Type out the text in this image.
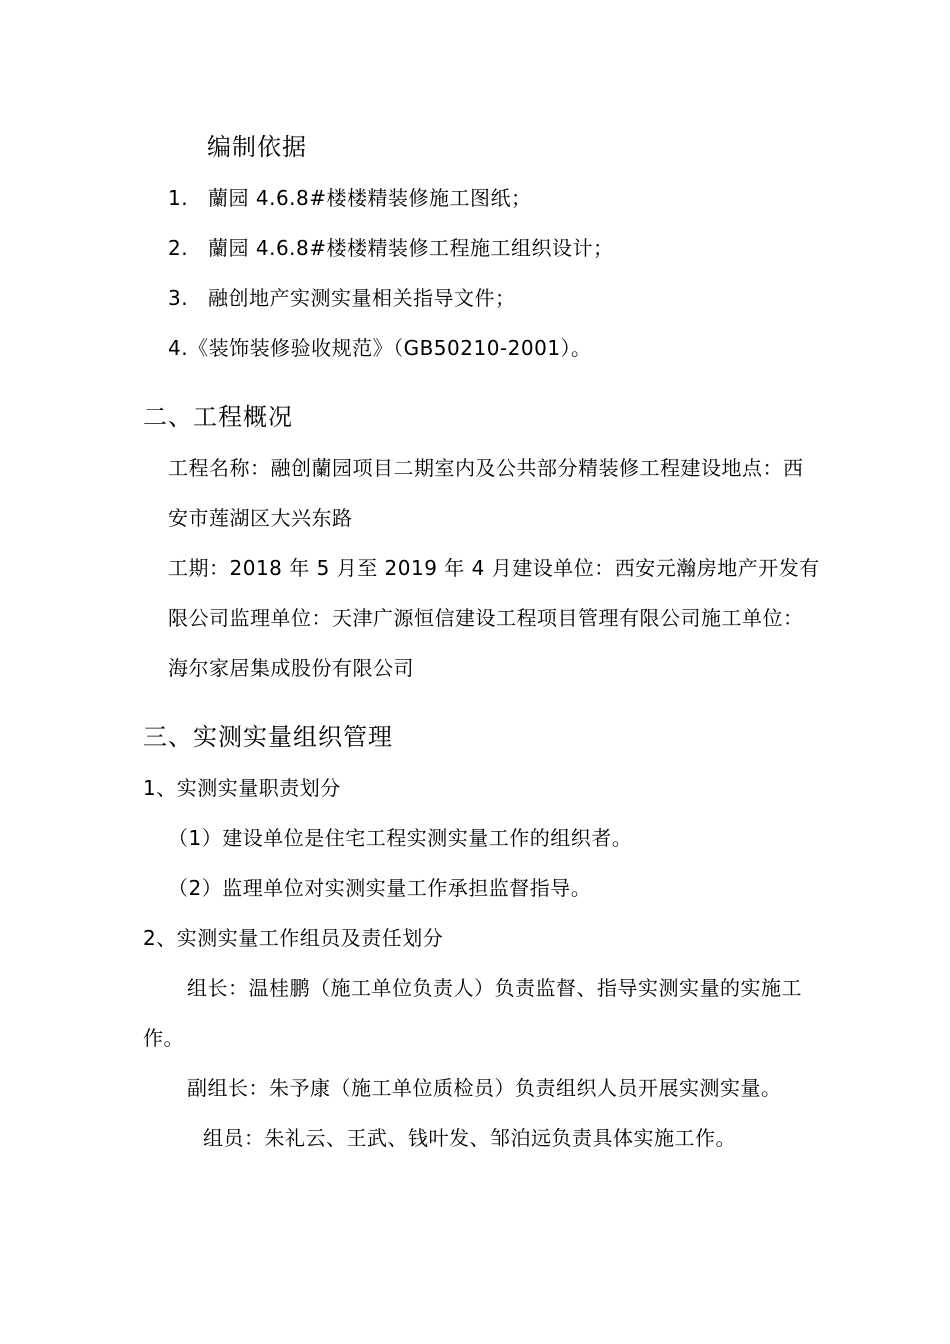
编制依据
1. 蘭园 4.6.8#楼楼精装修施工图纸；
2. 蘭园 4.6.8#楼楼精装修工程施工组织设计；
3. 融创地产实测实量相关指导文件；
4.《装饰装修验收规范》（GB50210-2001）。
二、工程概况
工程名称：融创蘭园项目二期室内及公共部分精装修工程建设地点：西
安市莲湖区大兴东路
工期：2018 年 5 月至 2019 年 4 月建设单位：西安元瀚房地产开发有
限公司监理单位：天津广源恒信建设工程项目管理有限公司施工单位：
海尔家居集成股份有限公司
三、实测实量组织管理
1、实测实量职责划分
（1）建设单位是住宅工程实测实量工作的组织者。
（2）监理单位对实测实量工作承担监督指导。
2、实测实量工作组员及责任划分
组长：温桂鹏（施工单位负责人）负责监督、指导实测实量的实施工
作。
副组长：朱予康（施工单位质检员）负责组织人员开展实测实量。
组员：朱礼云、王武、钱叶发、邹泊远负责具体实施工作。
